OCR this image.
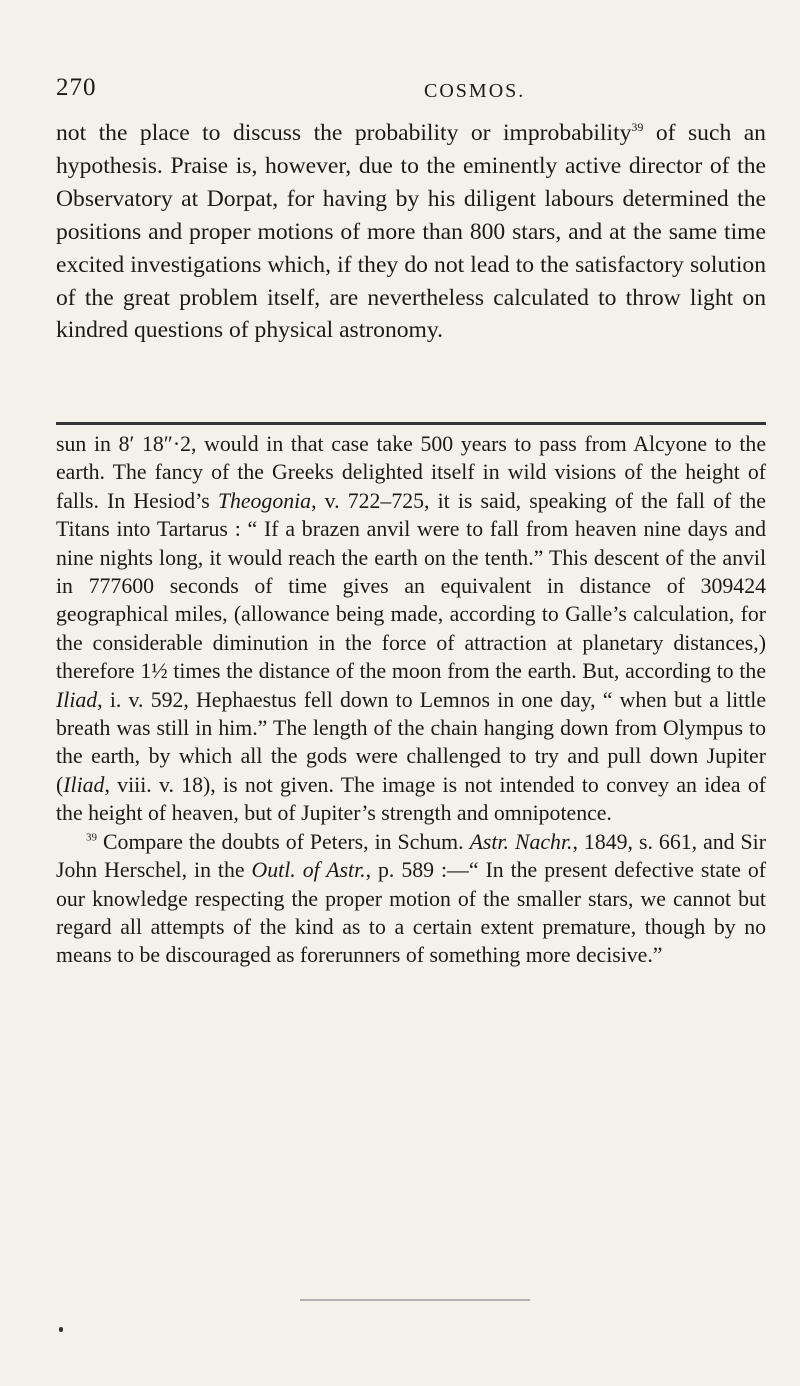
270	COSMOS.

not the place to discuss the probability or improbability$^{39}$ of such an hypothesis. Praise is, however, due to the eminently active director of the Observatory at Dorpat, for having by his diligent labours determined the positions and proper motions of more than 800 stars, and at the same time excited investigations which, if they do not lead to the satisfactory solution of the great problem itself, are nevertheless calculated to throw light on kindred questions of physical astronomy.

sun in 8′ 18″·2, would in that case take 500 years to pass from Alcyone to the earth. The fancy of the Greeks delighted itself in wild visions of the height of falls. In Hesiod’s Theogonia, v. 722–725, it is said, speaking of the fall of the Titans into Tartarus : “ If a brazen anvil were to fall from heaven nine days and nine nights long, it would reach the earth on the tenth.” This descent of the anvil in 777600 seconds of time gives an equivalent in distance of 309424 geographical miles, (allowance being made, according to Galle’s calculation, for the considerable diminution in the force of attraction at planetary distances,) therefore 1½ times the distance of the moon from the earth. But, according to the Iliad, i. v. 592, Hephaestus fell down to Lemnos in one day, “ when but a little breath was still in him.” The length of the chain hanging down from Olympus to the earth, by which all the gods were challenged to try and pull down Jupiter (Iliad, viii. v. 18), is not given. The image is not intended to convey an idea of the height of heaven, but of Jupiter’s strength and omnipotence.

$^{39}$ Compare the doubts of Peters, in Schum. Astr. Nachr., 1849, s. 661, and Sir John Herschel, in the Outl. of Astr., p. 589 :—“ In the present defective state of our knowledge respecting the proper motion of the smaller stars, we cannot but regard all attempts of the kind as to a certain extent premature, though by no means to be discouraged as forerunners of something more decisive.”
